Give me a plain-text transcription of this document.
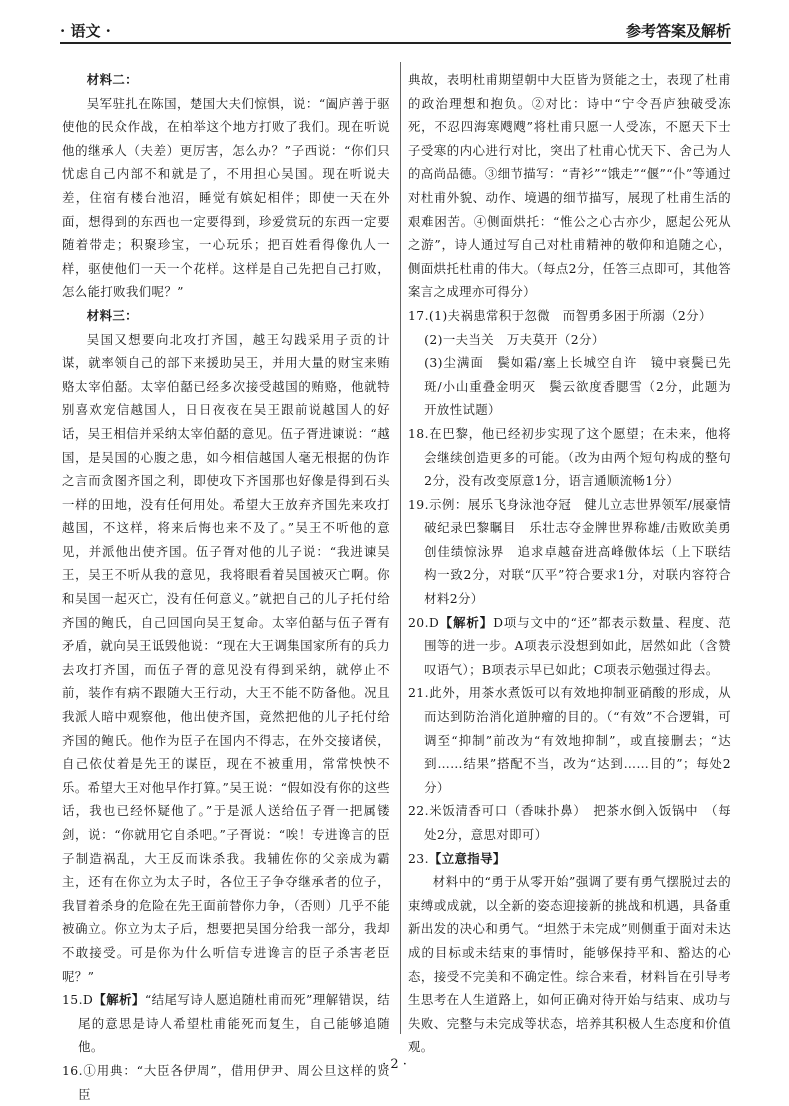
· 语文 ·	参考答案及解析

材料二：

吴军驻扎在陈国，楚国大夫们惊惧，说：“阖庐善于驱使他的民众作战，在柏举这个地方打败了我们。现在听说他的继承人（夫差）更厉害，怎么办？”子西说：“你们只忧虑自己内部不和就是了，不用担心吴国。现在听说夫差，住宿有楼台池沼，睡觉有嫔妃相伴；即使一天在外面，想得到的东西也一定要得到，珍爱赏玩的东西一定要随着带走；积聚珍宝，一心玩乐；把百姓看得像仇人一样，驱使他们一天一个花样。这样是自己先把自己打败，怎么能打败我们呢？”

材料三：

吴国又想要向北攻打齐国，越王勾践采用子贡的计谋，就率领自己的部下来援助吴王，并用大量的财宝来贿赂太宰伯嚭。太宰伯嚭已经多次接受越国的贿赂，他就特别喜欢宠信越国人，日日夜夜在吴王跟前说越国人的好话，吴王相信并采纳太宰伯嚭的意见。伍子胥进谏说：“越国，是吴国的心腹之患，如今相信越国人毫无根据的伪诈之言而贪图齐国之利，即使攻下齐国那也好像是得到石头一样的田地，没有任何用处。希望大王放弃齐国先来攻打越国，不这样，将来后悔也来不及了。”吴王不听他的意见，并派他出使齐国。伍子胥对他的儿子说：“我进谏吴王，吴王不听从我的意见，我将眼看着吴国被灭亡啊。你和吴国一起灭亡，没有任何意义。”就把自己的儿子托付给齐国的鲍氏，自己回国向吴王复命。太宰伯嚭与伍子胥有矛盾，就向吴王诋毁他说：“现在大王调集国家所有的兵力去攻打齐国，而伍子胥的意见没有得到采纳，就停止不前，装作有病不跟随大王行动，大王不能不防备他。况且我派人暗中观察他，他出使齐国，竟然把他的儿子托付给齐国的鲍氏。他作为臣子在国内不得志，在外交接诸侯，自己依仗着是先王的谋臣，现在不被重用，常常怏怏不乐。希望大王对他早作打算。”吴王说：“假如没有你的这些话，我也已经怀疑他了。”于是派人送给伍子胥一把属镂剑，说：“你就用它自杀吧。”子胥说：“唉！专进谗言的臣子制造祸乱，大王反而诛杀我。我辅佐你的父亲成为霸主，还有在你立为太子时，各位王子争夺继承者的位子，我冒着杀身的危险在先王面前替你力争，（否则）几乎不能被确立。你立为太子后，想要把吴国分给我一部分，我却不敢接受。可是你为什么听信专进谗言的臣子杀害老臣呢？”

15.D【解析】“结尾写诗人愿追随杜甫而死”理解错误，结尾的意思是诗人希望杜甫能死而复生，自己能够追随他。

16.①用典：“大臣各伊周”，借用伊尹、周公旦这样的贤臣

典故，表明杜甫期望朝中大臣皆为贤能之士，表现了杜甫的政治理想和抱负。②对比：诗中“宁令吾庐独破受冻死，不忍四海寒飕飕”将杜甫只愿一人受冻，不愿天下士子受寒的内心进行对比，突出了杜甫心忧天下、舍己为人的高尚品德。③细节描写：“青衫”“饿走”“偃”“仆”等通过对杜甫外貌、动作、境遇的细节描写，展现了杜甫生活的艰难困苦。④侧面烘托：“惟公之心古亦少，愿起公死从之游”，诗人通过写自己对杜甫精神的敬仰和追随之心，侧面烘托杜甫的伟大。（每点2分，任答三点即可，其他答案言之成理亦可得分）

17.(1)夫祸患常积于忽微　而智勇多困于所溺（2分）

(2)一夫当关　万夫莫开（2分）

(3)尘满面　鬓如霜/塞上长城空自许　镜中衰鬓已先斑/小山重叠金明灭　鬓云欲度香腮雪（2分，此题为开放性试题）

18.在巴黎，他已经初步实现了这个愿望；在未来，他将会继续创造更多的可能。（改为由两个短句构成的整句2分，没有改变原意1分，语言通顺流畅1分）

19.示例：展乐飞身泳池夺冠　健儿立志世界领军/展豪情破纪录巴黎瞩目　乐壮志夺金牌世界称雄/击败欧美勇创佳绩惊泳界　追求卓越奋进高峰傲体坛（上下联结构一致2分，对联“仄平”符合要求1分，对联内容符合材料2分）

20.D【解析】D项与文中的“还”都表示数量、程度、范围等的进一步。A项表示没想到如此，居然如此（含赞叹语气）；B项表示早已如此；C项表示勉强过得去。

21.此外，用茶水煮饭可以有效地抑制亚硝酸的形成，从而达到防治消化道肿瘤的目的。（“有效”不合逻辑，可调至“抑制”前改为“有效地抑制”，或直接删去；“达到……结果”搭配不当，改为“达到……目的”；每处2分）

22.米饭清香可口（香味扑鼻）　把茶水倒入饭锅中　（每处2分，意思对即可）

23.【立意指导】

材料中的“勇于从零开始”强调了要有勇气摆脱过去的束缚或成就，以全新的姿态迎接新的挑战和机遇，具备重新出发的决心和勇气。“坦然于未完成”则侧重于面对未达成的目标或未结束的事情时，能够保持平和、豁达的心态，接受不完美和不确定性。综合来看，材料旨在引导考生思考在人生道路上，如何正确对待开始与结束、成功与失败、完整与未完成等状态，培养其积极人生态度和价值观。

· 2 ·
